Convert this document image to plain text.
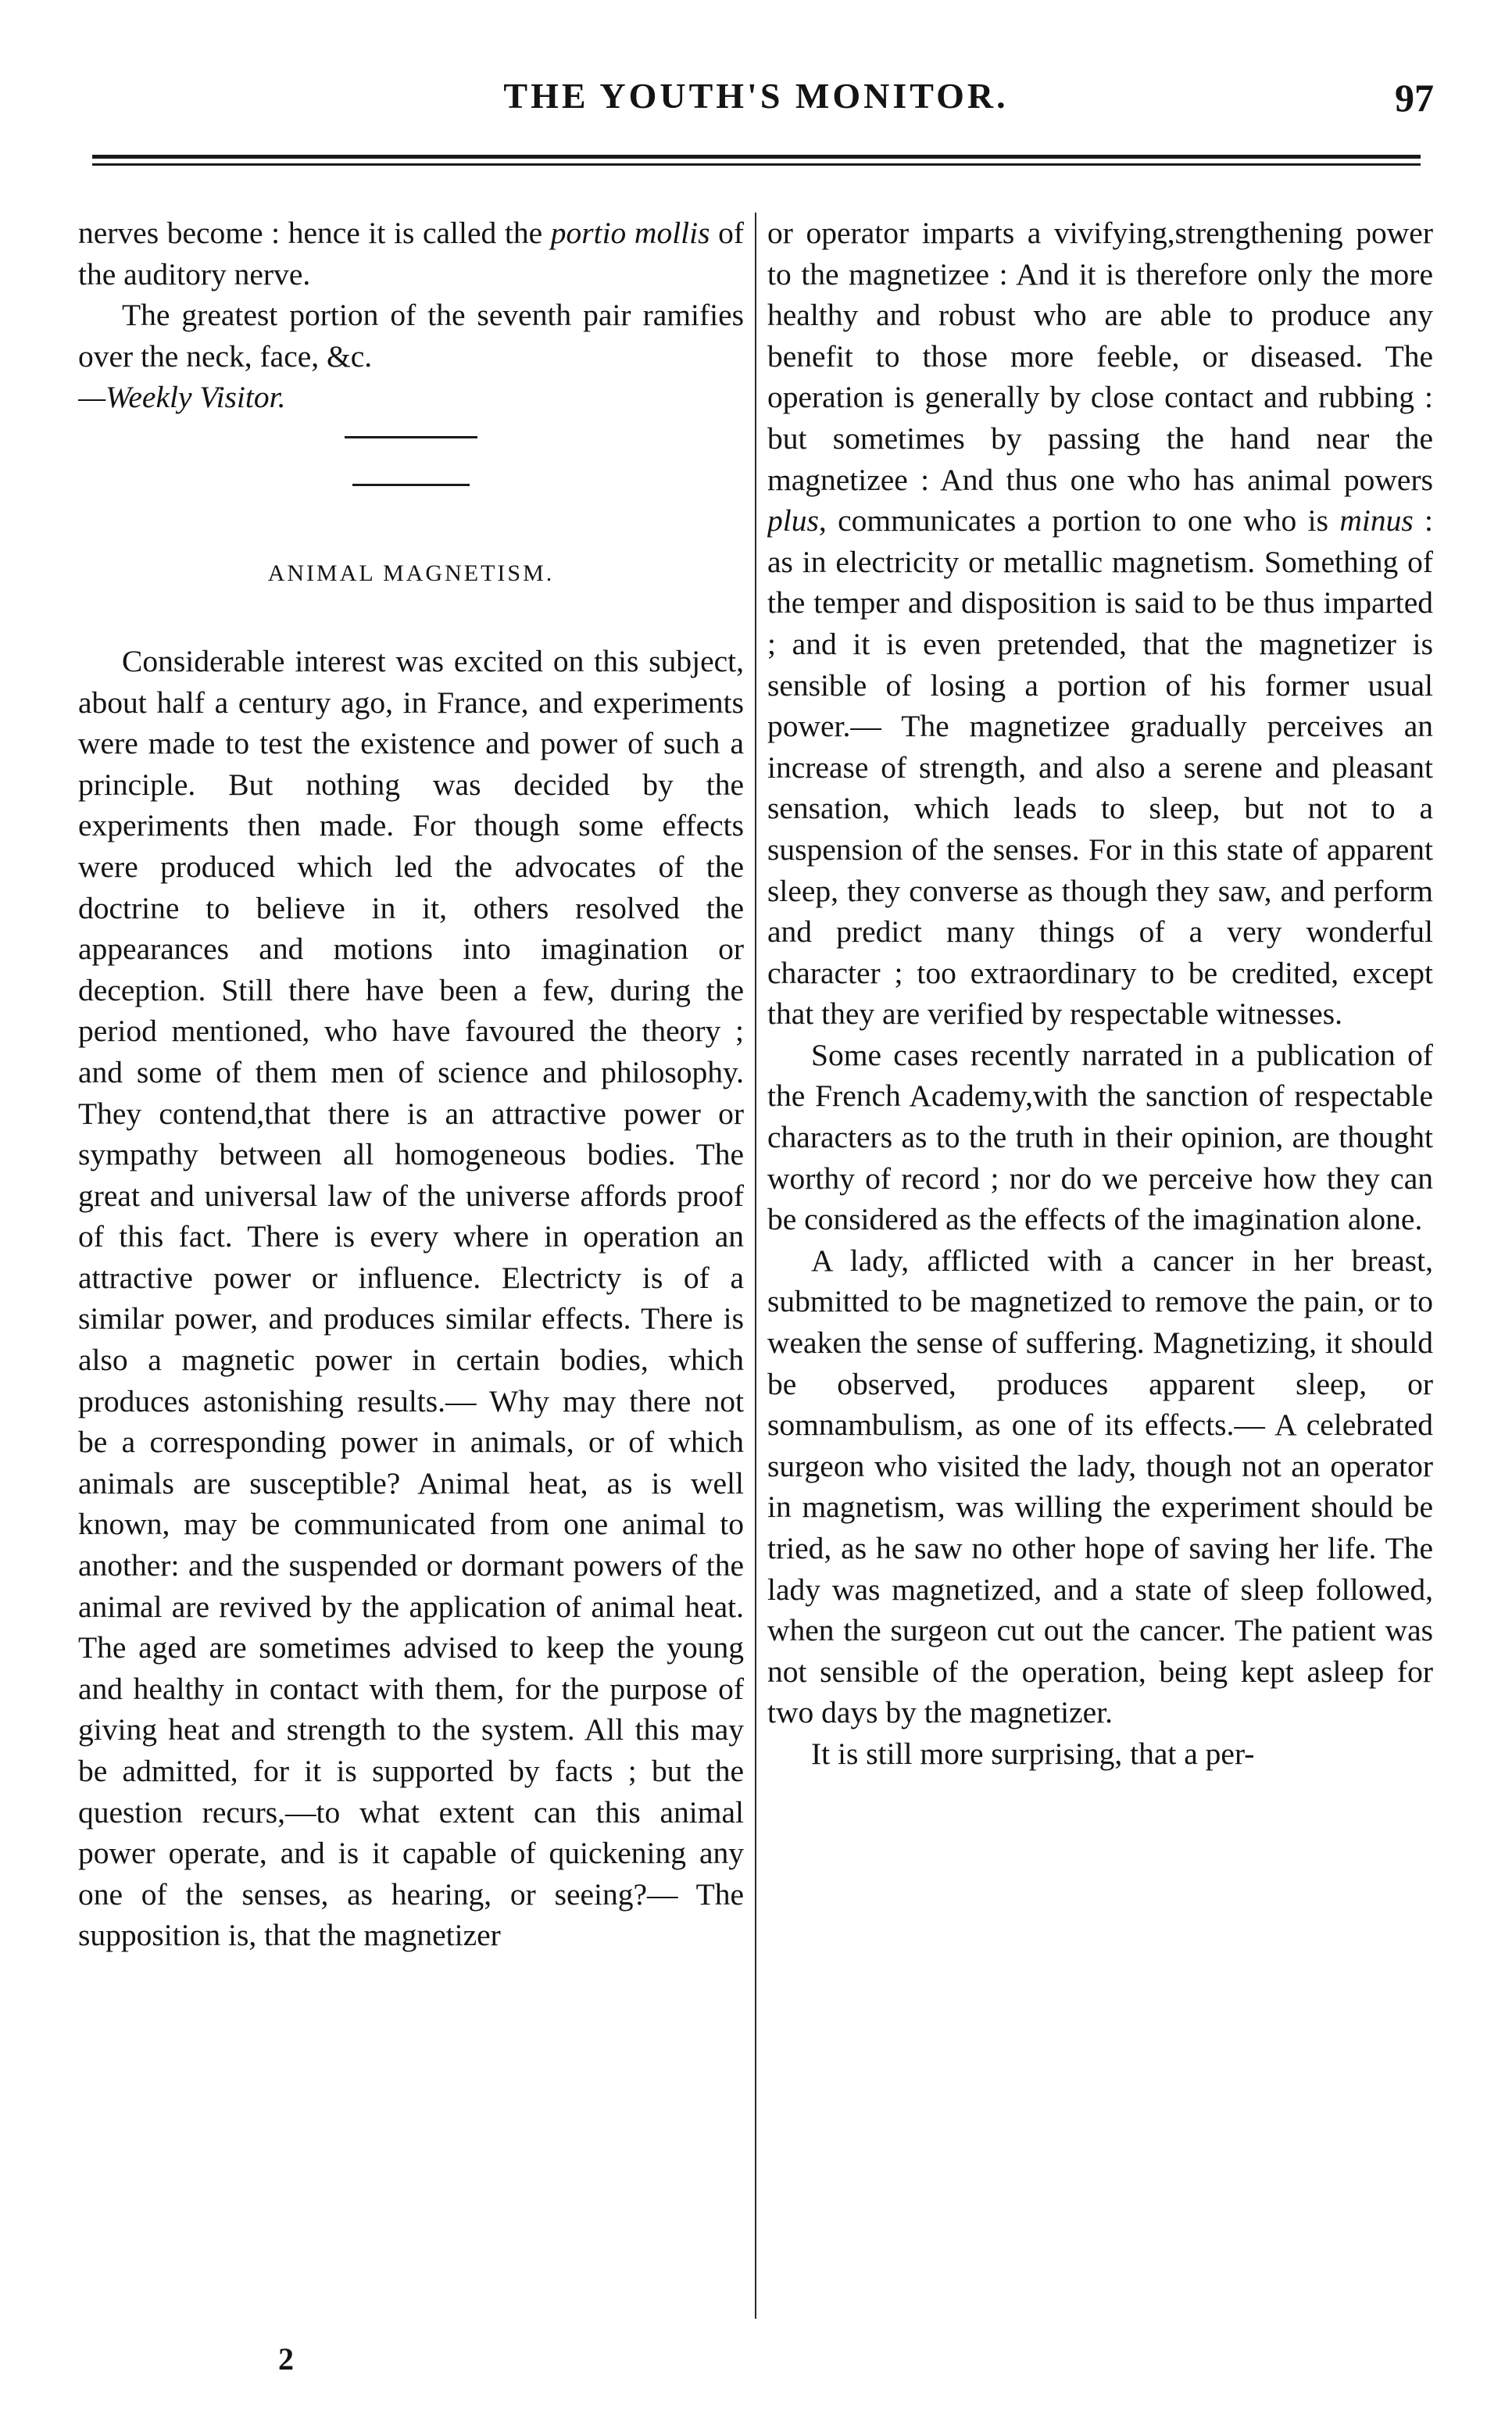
THE YOUTH'S MONITOR.	97

nerves become : hence it is called the portio mollis of the auditory nerve.

The greatest portion of the seventh pair ramifies over the neck, face, &c.

—Weekly Visitor.

ANIMAL MAGNETISM.

Considerable interest was excited on this subject, about half a century ago, in France, and experiments were made to test the existence and power of such a principle. But nothing was decided by the experiments then made. For though some effects were produced which led the advocates of the doctrine to believe in it, others resolved the appearances and motions into imagination or deception. Still there have been a few, during the period mentioned, who have favoured the theory ; and some of them men of science and philosophy. They contend,that there is an attractive power or sympathy between all homogeneous bodies. The great and universal law of the universe affords proof of this fact. There is every where in operation an attractive power or influence. Electricty is of a similar power, and produces similar effects. There is also a magnetic power in certain bodies, which produces astonishing results.— Why may there not be a corresponding power in animals, or of which animals are susceptible? Animal heat, as is well known, may be communicated from one animal to another: and the suspended or dormant powers of the animal are revived by the application of animal heat. The aged are sometimes advised to keep the young and healthy in contact with them, for the purpose of giving heat and strength to the system. All this may be admitted, for it is supported by facts ; but the question recurs,—to what extent can this animal power operate, and is it capable of quickening any one of the senses, as hearing, or seeing?— The supposition is, that the magnetizer

or operator imparts a vivifying,strengthening power to the magnetizee : And it is therefore only the more healthy and robust who are able to produce any benefit to those more feeble, or diseased. The operation is generally by close contact and rubbing : but sometimes by passing the hand near the magnetizee : And thus one who has animal powers plus, communicates a portion to one who is minus : as in electricity or metallic magnetism. Something of the temper and disposition is said to be thus imparted ; and it is even pretended, that the magnetizer is sensible of losing a portion of his former usual power.— The magnetizee gradually perceives an increase of strength, and also a serene and pleasant sensation, which leads to sleep, but not to a suspension of the senses. For in this state of apparent sleep, they converse as though they saw, and perform and predict many things of a very wonderful character ; too extraordinary to be credited, except that they are verified by respectable witnesses.

Some cases recently narrated in a publication of the French Academy,with the sanction of respectable characters as to the truth in their opinion, are thought worthy of record ; nor do we perceive how they can be considered as the effects of the imagination alone.

A lady, afflicted with a cancer in her breast, submitted to be magnetized to remove the pain, or to weaken the sense of suffering. Magnetizing, it should be observed, produces apparent sleep, or somnambulism, as one of its effects.— A celebrated surgeon who visited the lady, though not an operator in magnetism, was willing the experiment should be tried, as he saw no other hope of saving her life. The lady was magnetized, and a state of sleep followed, when the surgeon cut out the cancer. The patient was not sensible of the operation, being kept asleep for two days by the magnetizer.

It is still more surprising, that a per-

2
